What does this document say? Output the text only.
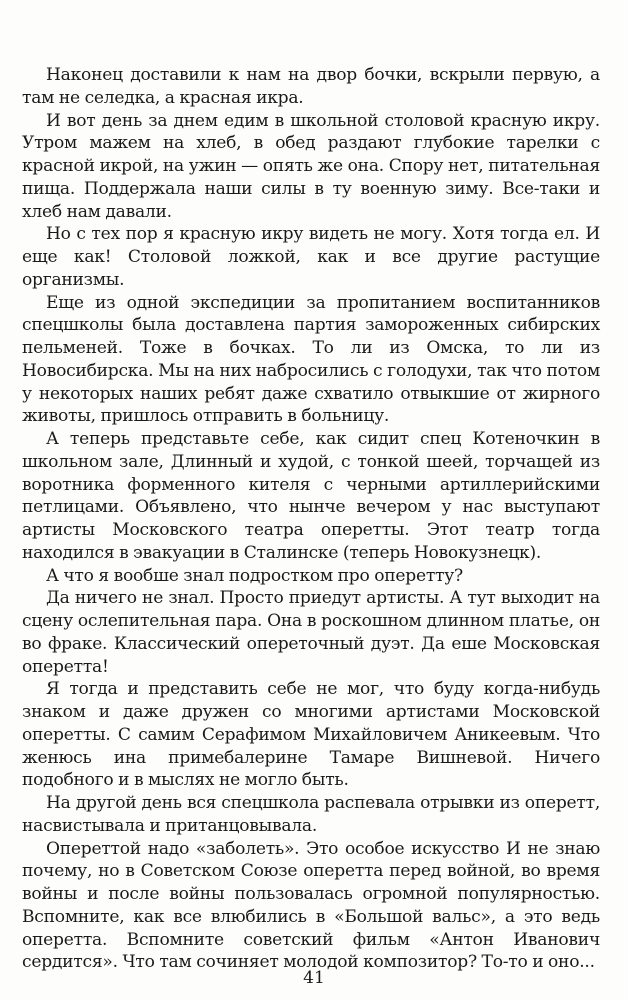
Наконец доставили к нам на двор бочки, вскрыли первую, а там не селедка, а красная икра.

И вот день за днем едим в школьной столовой красную икру. Утром мажем на хлеб, в обед раздают глубокие тарелки с красной икрой, на ужин — опять же она. Спору нет, питательная пища. Поддержала наши силы в ту военную зиму. Все-таки и хлеб нам давали.

Но с тех пор я красную икру видеть не могу. Хотя тогда ел. И еще как! Столовой ложкой, как и все другие растущие организмы.

Еще из одной экспедиции за пропитанием воспитанников спецшколы была доставлена партия замороженных сибирских пельменей. Тоже в бочках. То ли из Омска, то ли из Новосибирска. Мы на них набросились с голодухи, так что потом у некоторых наших ребят даже схватило отвыкшие от жирного животы, пришлось отправить в больницу.

А теперь представьте себе, как сидит спец Котеночкин в школьном зале, Длинный и худой, с тонкой шеей, торчащей из воротника форменного кителя с черными артиллерийскими петлицами. Объявлено, что нынче вечером у нас выступают артисты Московского театра оперетты. Этот театр тогда находился в эвакуации в Сталинске (теперь Новокузнецк).

А что я вообше знал подростком про оперетту?

Да ничего не знал. Просто приедут артисты. А тут выходит на сцену ослепительная пара. Она в роскошном длинном платье, он во фраке. Классический опереточный дуэт. Да еше Московская оперетта!

Я тогда и представить себе не мог, что буду когда-нибудь знаком и даже дружен со многими артистами Московской оперетты. С самим Серафимом Михайловичем Аникеевым. Что женюсь ина примебалерине Тамаре Вишневой. Ничего подобного и в мыслях не могло быть.

На другой день вся спецшкола распевала отрывки из оперетт, насвистывала и пританцовывала.

Опереттой надо «заболеть». Это особое искусство И не знаю почему, но в Советском Союзе оперетта перед войной, во время войны и после войны пользовалась огромной популярностью. Вспомните, как все влюбились в «Большой вальс», а это ведь оперетта. Вспомните советский фильм «Антон Иванович сердится». Что там сочиняет молодой композитор? То-то и оно...

41
